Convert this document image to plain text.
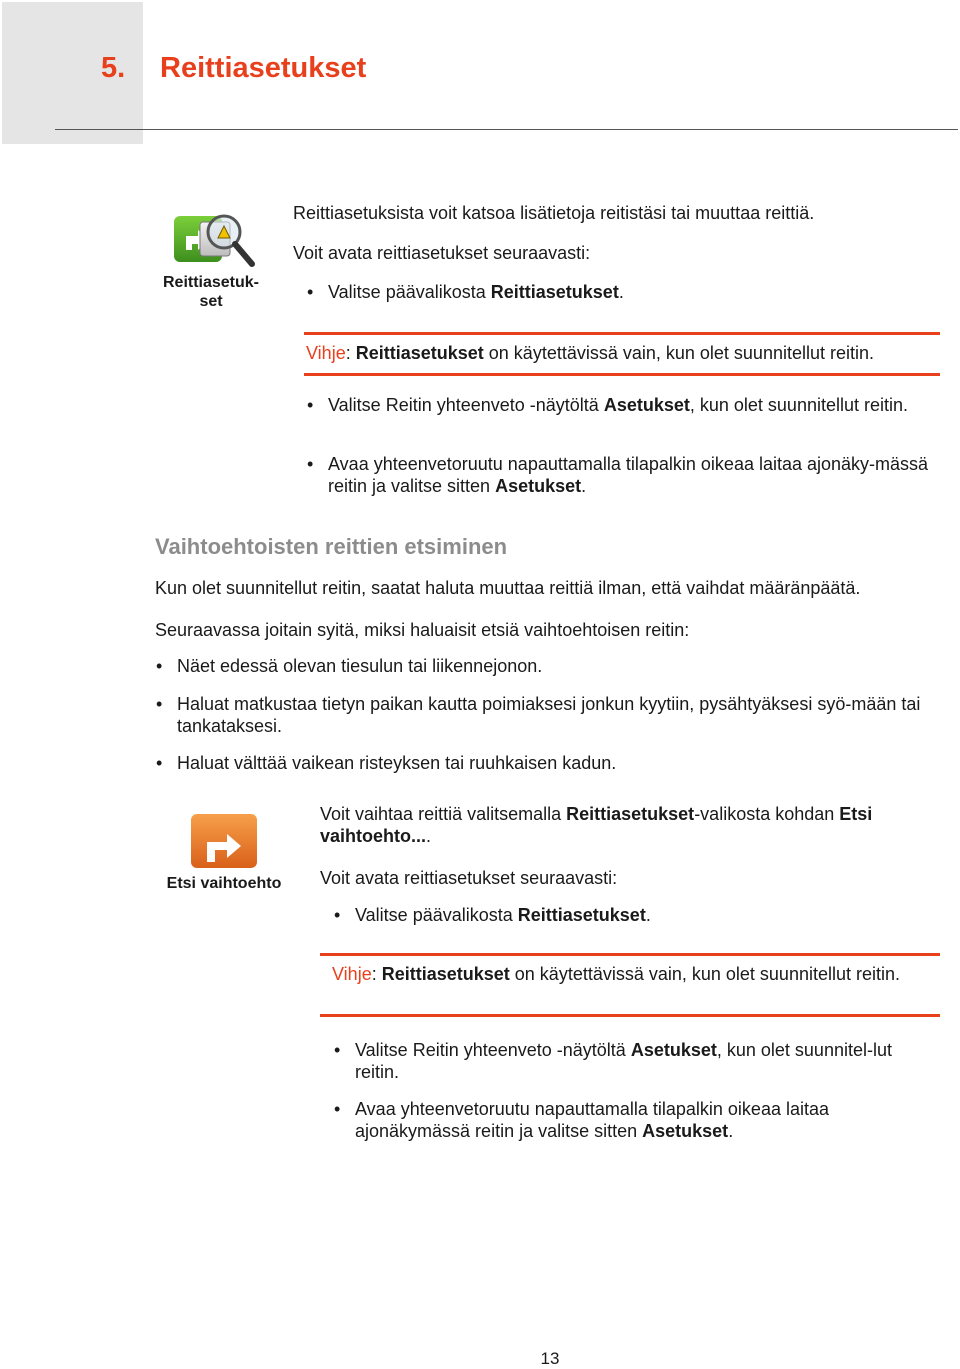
5. Reittiasetukset
Reittiasetuk-
set

Reittiasetuksista voit katsoa lisätietoja reitistäsi tai muuttaa reittiä.

Voit avata reittiasetukset seuraavasti:

• Valitse päävalikosta Reittiasetukset.
Vihje: Reittiasetukset on käytettävissä vain, kun olet suunnitellut reitin.
• Valitse Reitin yhteenveto -näytöltä Asetukset, kun olet suunnitellut reitin.
• Avaa yhteenvetoruutu napauttamalla tilapalkin oikeaa laitaa ajonäky-mässä reitin ja valitse sitten Asetukset.
Vaihtoehtoisten reittien etsiminen

Kun olet suunnitellut reitin, saatat haluta muuttaa reittiä ilman, että vaihdat määränpäätä.

Seuraavassa joitain syitä, miksi haluaisit etsiä vaihtoehtoisen reitin:

• Näet edessä olevan tiesulun tai liikennejonon.
• Haluat matkustaa tietyn paikan kautta poimiaksesi jonkun kyytiin, pysähtyäksesi syö-mään tai tankataksesi.
• Haluat välttää vaikean risteyksen tai ruuhkaisen kadun.
Etsi vaihtoehto
Voit vaihtaa reittiä valitsemalla Reittiasetukset-valikosta kohdan Etsi vaihtoehto....

Voit avata reittiasetukset seuraavasti:

• Valitse päävalikosta Reittiasetukset.
Vihje: Reittiasetukset on käytettävissä vain, kun olet suunnitellut reitin.
• Valitse Reitin yhteenveto -näytöltä Asetukset, kun olet suunnitel-lut reitin.
• Avaa yhteenvetoruutu napauttamalla tilapalkin oikeaa laitaa ajonäkymässä reitin ja valitse sitten Asetukset.
13
